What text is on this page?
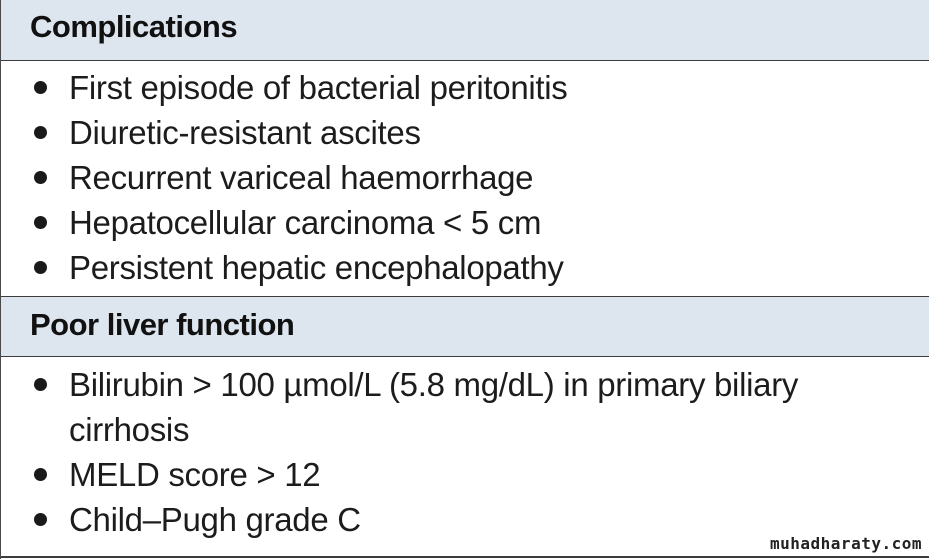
Complications
First episode of bacterial peritonitis
Diuretic-resistant ascites
Recurrent variceal haemorrhage
Hepatocellular carcinoma < 5 cm
Persistent hepatic encephalopathy
Poor liver function
Bilirubin > 100 µmol/L (5.8 mg/dL) in primary biliary cirrhosis
MELD score > 12
Child–Pugh grade C
muhadharaty.com
